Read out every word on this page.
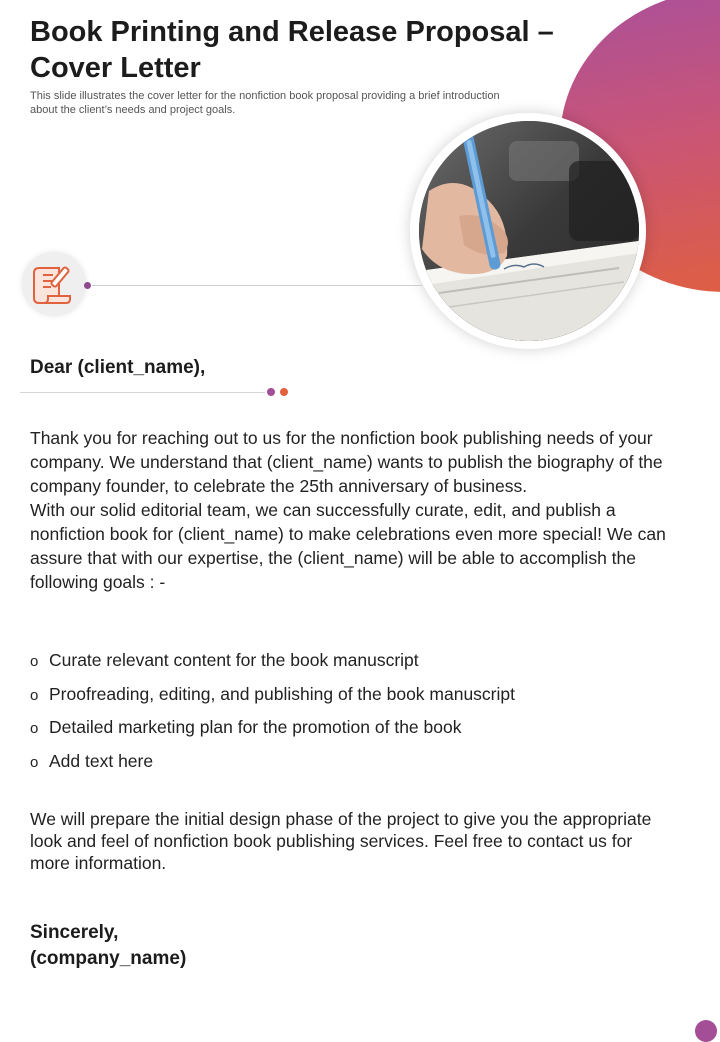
Book Printing and Release Proposal – Cover Letter
This slide illustrates the cover letter for the nonfiction book proposal providing a brief introduction about the client’s needs and project goals.
Dear (client_name),

Thank you for reaching out to us for the nonfiction book publishing needs of your company. We understand that (client_name) wants to publish the biography of the company founder, to celebrate the 25th anniversary of business.

With our solid editorial team, we can successfully curate, edit, and publish a nonfiction book for (client_name) to make celebrations even more special! We can assure that with our expertise, the (client_name) will be able to accomplish the following goals : -

o Curate relevant content for the book manuscript
o Proofreading, editing, and publishing of the book manuscript
o Detailed marketing plan for the promotion of the book
o Add text here
We will prepare the initial design phase of the project to give you the appropriate look and feel of nonfiction book publishing services. Feel free to contact us for more information.
Sincerely,
(company_name)
